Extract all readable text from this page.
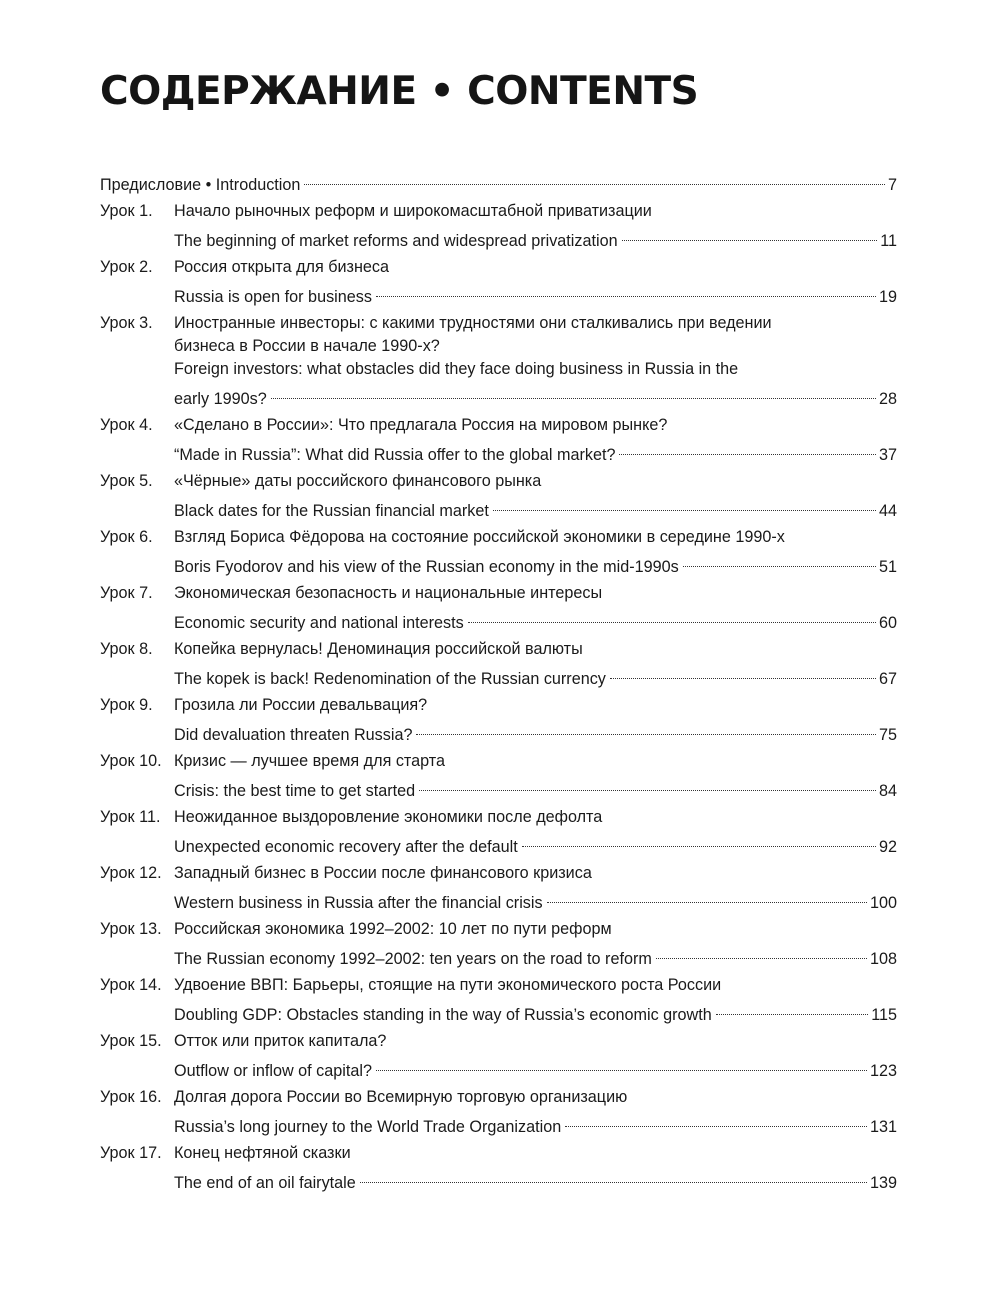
СОДЕРЖАНИЕ • CONTENTS
Предисловие • Introduction	7
Урок 1.	Начало рыночных реформ и широкомасштабной приватизации
The beginning of market reforms and widespread privatization	11
Урок 2.	Россия открыта для бизнеса
Russia is open for business	19
Урок 3.	Иностранные инвесторы: с какими трудностями они сталкивались при ведении
бизнеса в России в начале 1990-х?
Foreign investors: what obstacles did they face doing business in Russia in the
early 1990s?	28
Урок 4.	«Сделано в России»: Что предлагала Россия на мировом рынке?
“Made in Russia”: What did Russia offer to the global market?	37
Урок 5.	«Чёрные» даты российского финансового рынка
Black dates for the Russian financial market	44
Урок 6.	Взгляд Бориса Фёдорова на состояние российской экономики в середине 1990-х
Boris Fyodorov and his view of the Russian economy in the mid-1990s	51
Урок 7.	Экономическая безопасность и национальные интересы
Economic security and national interests	60
Урок 8.	Копейка вернулась! Деноминация российской валюты
The kopek is back! Redenomination of the Russian currency	67
Урок 9.	Грозила ли России девальвация?
Did devaluation threaten Russia?	75
Урок 10. Кризис — лучшее время для старта
Crisis: the best time to get started	84
Урок 11. Неожиданное выздоровление экономики после дефолта
Unexpected economic recovery after the default	92
Урок 12. Западный бизнес в России после финансового кризиса
Western business in Russia after the financial crisis	100
Урок 13. Российская экономика 1992–2002: 10 лет по пути реформ
The Russian economy 1992–2002: ten years on the road to reform	108
Урок 14. Удвоение ВВП: Барьеры, стоящие на пути экономического роста России
Doubling GDP: Obstacles standing in the way of Russia’s economic growth	115
Урок 15. Отток или приток капитала?
Outflow or inflow of capital?	123
Урок 16. Долгая дорога России во Всемирную торговую организацию
Russia’s long journey to the World Trade Organization	131
Урок 17. Конец нефтяной сказки
The end of an oil fairytale	139
